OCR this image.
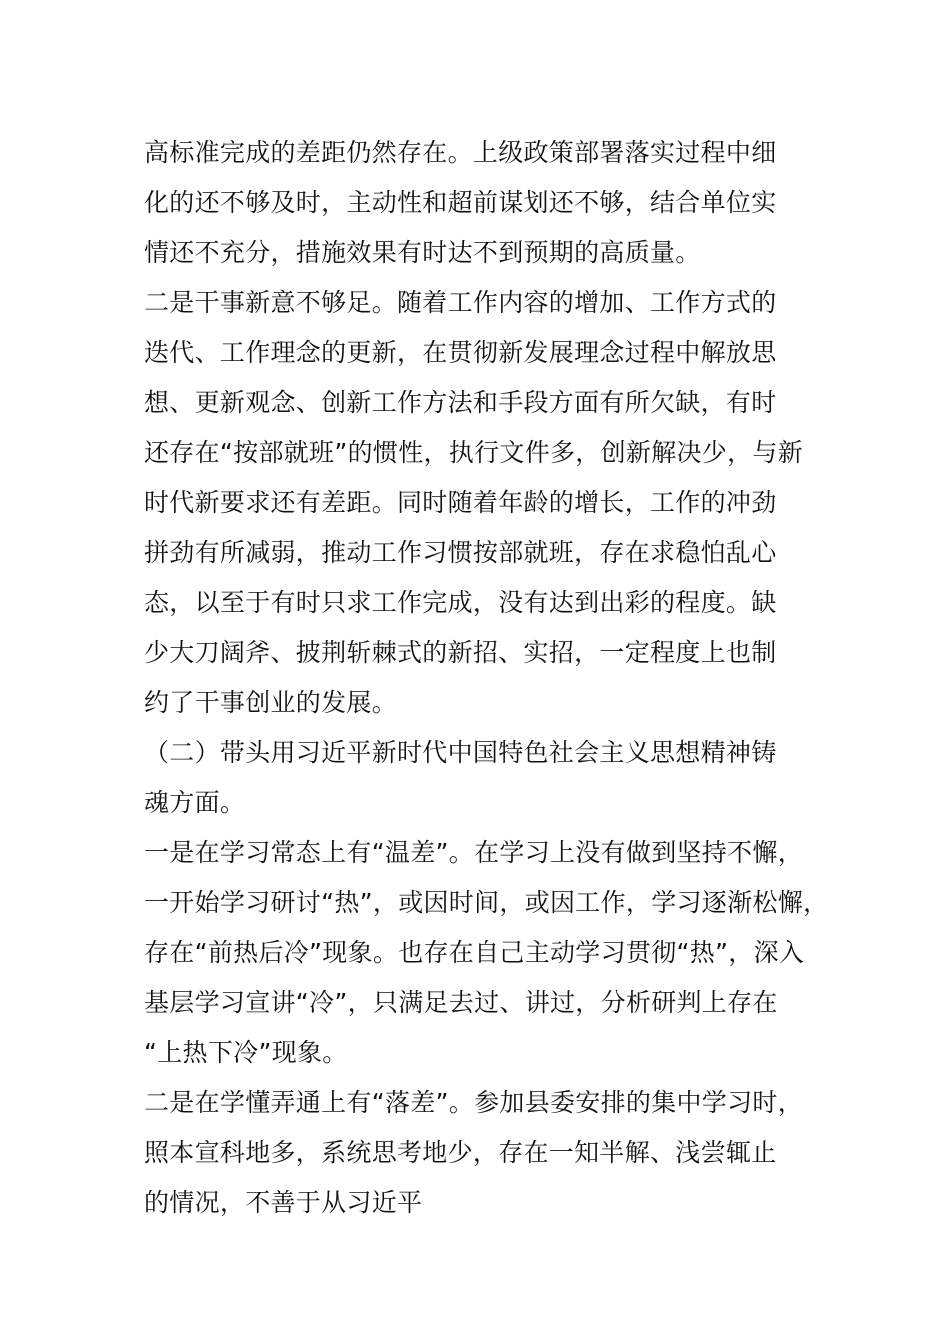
高标准完成的差距仍然存在。上级政策部署落实过程中细
化的还不够及时，主动性和超前谋划还不够，结合单位实
情还不充分，措施效果有时达不到预期的高质量。
二是干事新意不够足。随着工作内容的增加、工作方式的
迭代、工作理念的更新，在贯彻新发展理念过程中解放思
想、更新观念、创新工作方法和手段方面有所欠缺，有时
还存在“按部就班”的惯性，执行文件多，创新解决少，与新
时代新要求还有差距。同时随着年龄的增长，工作的冲劲
拼劲有所减弱，推动工作习惯按部就班，存在求稳怕乱心
态，以至于有时只求工作完成，没有达到出彩的程度。缺
少大刀阔斧、披荆斩棘式的新招、实招，一定程度上也制
约了干事创业的发展。
（二）带头用习近平新时代中国特色社会主义思想精神铸
魂方面。
一是在学习常态上有“温差”。在学习上没有做到坚持不懈，
一开始学习研讨“热”，或因时间，或因工作，学习逐渐松懈，
存在“前热后冷”现象。也存在自己主动学习贯彻“热”，深入
基层学习宣讲“冷”，只满足去过、讲过，分析研判上存在
“上热下冷”现象。
二是在学懂弄通上有“落差”。参加县委安排的集中学习时，
照本宣科地多，系统思考地少，存在一知半解、浅尝辄止
的情况，不善于从习近平
